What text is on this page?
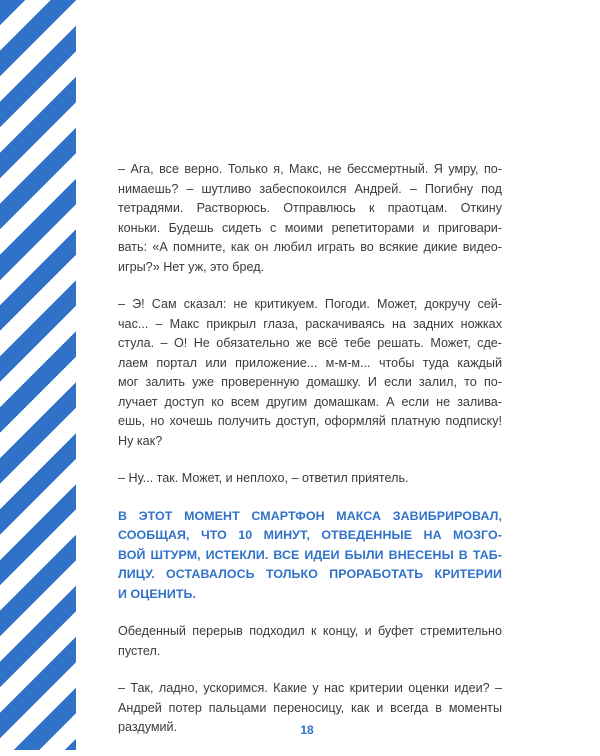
– Ага, все верно. Только я, Макс, не бессмертный. Я умру, по-
нимаешь? – шутливо забеспокоился Андрей. – Погибну под
тетрадями. Растворюсь. Отправлюсь к праотцам. Откину
коньки. Будешь сидеть с моими репетиторами и приговари-
вать: «А помните, как он любил играть во всякие дикие видео-
игры?» Нет уж, это бред.

– Э! Сам сказал: не критикуем. Погоди. Может, докручу сей-
час... – Макс прикрыл глаза, раскачиваясь на задних ножках
стула. – О! Не обязательно же всё тебе решать. Может, сде-
лаем портал или приложение... м-м-м... чтобы туда каждый
мог залить уже проверенную домашку. И если залил, то по-
лучает доступ ко всем другим домашкам. А если не залива-
ешь, но хочешь получить доступ, оформляй платную подписку!
Ну как?

– Ну... так. Может, и неплохо, – ответил приятель.

В ЭТОТ МОМЕНТ СМАРТФОН МАКСА ЗАВИБРИРОВАЛ,
СООБЩАЯ, ЧТО 10 МИНУТ, ОТВЕДЕННЫЕ НА МОЗГО-
ВОЙ ШТУРМ, ИСТЕКЛИ. ВСЕ ИДЕИ БЫЛИ ВНЕСЕНЫ В ТАБ-
ЛИЦУ. ОСТАВАЛОСЬ ТОЛЬКО ПРОРАБОТАТЬ КРИТЕРИИ
И ОЦЕНИТЬ.

Обеденный перерыв подходил к концу, и буфет стремительно
пустел.

– Так, ладно, ускоримся. Какие у нас критерии оценки идеи? –
Андрей потер пальцами переносицу, как и всегда в моменты
раздумий.	18
